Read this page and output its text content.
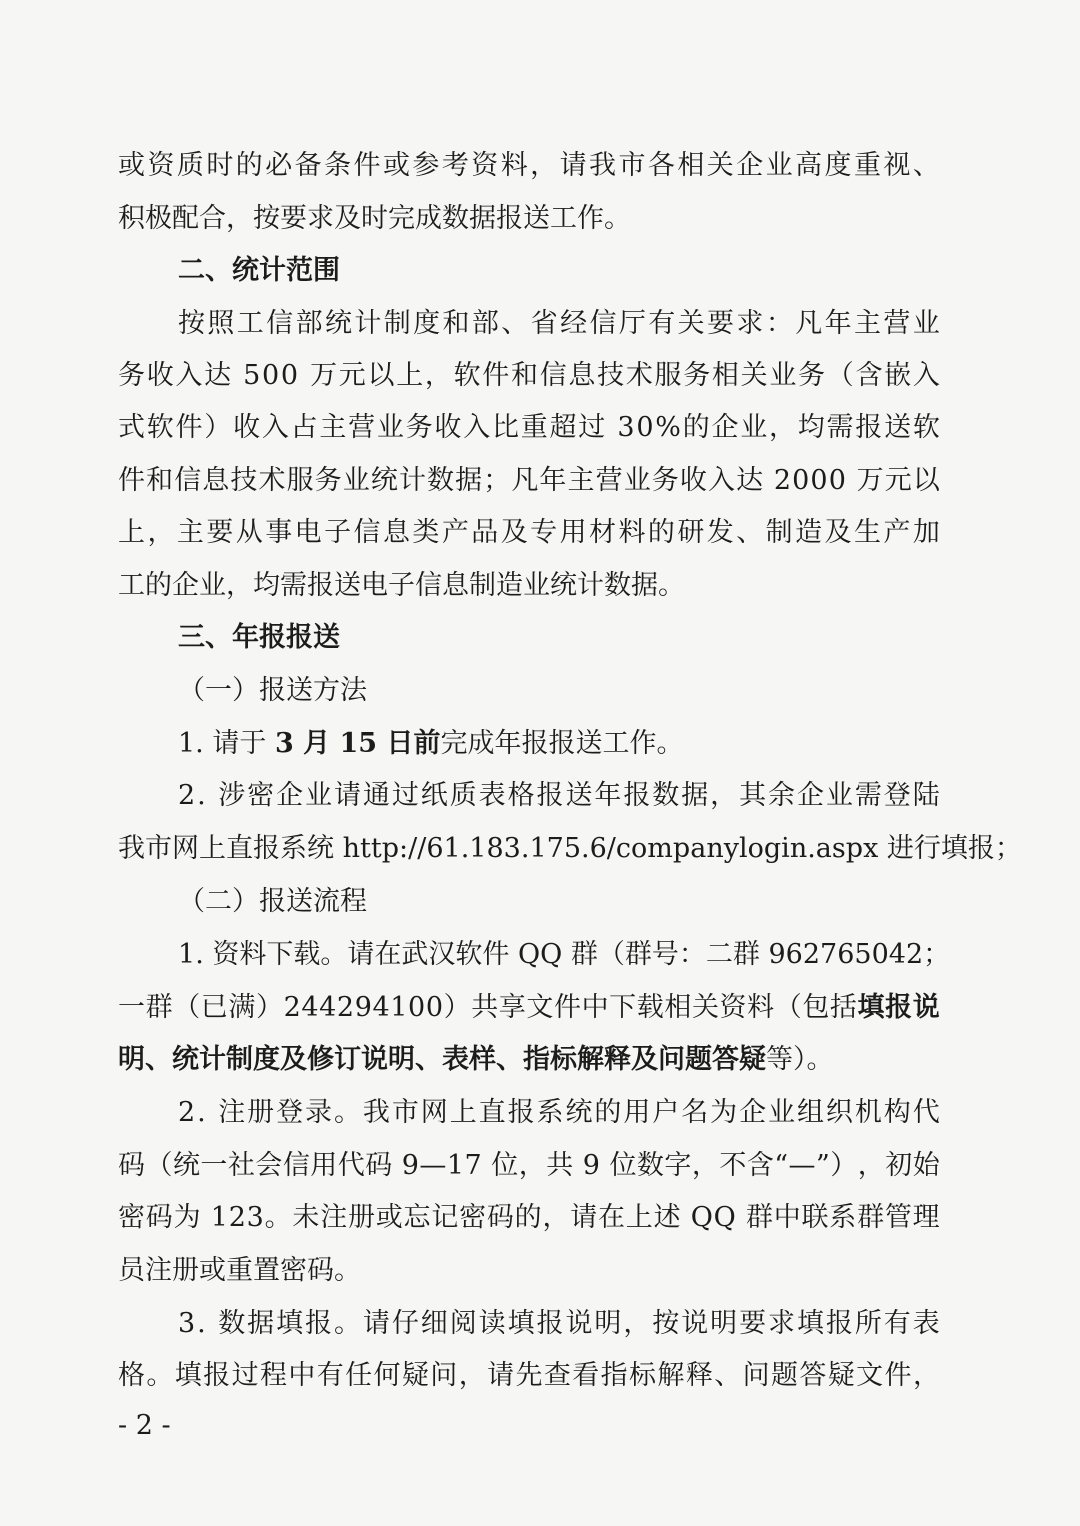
或 资 质 时 的 必 备 条 件 或 参 考 资 料 ， 请 我 市 各 相 关 企 业 高 度 重 视 、
积极配合，按要求及时完成数据报送工作。
二、统计范围
按 照 工 信 部 统 计 制 度 和 部 、 省 经 信 厅 有 关 要 求 ： 凡 年 主 营 业
务 收 入 达
5 0 0
万 元 以 上 ， 软 件 和 信 息 技 术 服 务 相 关 业 务 （ 含 嵌 入
式 软 件 ） 收 入 占 主 营 业 务 收 入 比 重 超 过
3 0 % 的 企 业 ， 均 需 报 送 软
件 和 信 息 技 术 服 务 业 统 计 数 据 ； 凡 年 主 营 业 务 收 入 达
2 0 0 0
万 元 以
上 ， 主 要 从 事 电 子 信 息 类 产 品 及 专 用 材 料 的 研 发 、 制 造 及 生 产 加
工的企业，均需报送电子信息制造业统计数据。
三、年报报送
（一）报送方法
1. 请于 3 月 15 日前 完成年报报送工作。
2 .
涉 密 企 业 请 通 过 纸 质 表 格 报 送 年 报 数 据 ， 其 余 企 业 需 登 陆
我 市 网 上 直 报 系 统
h t t p : / / 6 1 . 1 8 3 . 1 7 5 . 6 / c o m p a n y l o g i n . a s p x
进 行 填 报 ；
（二）报送流程
1 .
资 料 下 载 。 请 在 武 汉 软 件
Q Q
群 （ 群 号 ： 二 群
9 6 2 7 6 5 0 4 2 ；
一 群 （ 已 满 ） 2 4 4 2 9 4 1 0 0 ） 共 享 文 件 中 下 载 相 关 资 料 （ 包 括 填 报 说
明、统计制度及修订说明、表样、指标解释及问题答疑 等）。
2 .
注 册 登 录 。 我 市 网 上 直 报 系 统 的 用 户 名 为 企 业 组 织 机 构 代
码 （ 统 一 社 会 信 用 代 码
9 — 1 7
位 ， 共
9
位 数 字 ， 不 含 “ — ” ） ， 初 始
密 码 为
1 2 3 。 未 注 册 或 忘 记 密 码 的 ， 请 在 上 述
Q Q
群 中 联 系 群 管 理
员注册或重置密码。
3 .
数 据 填 报 。 请 仔 细 阅 读 填 报 说 明 ， 按 说 明 要 求 填 报 所 有 表
格 。 填 报 过 程 中 有 任 何 疑 问 ， 请 先 查 看 指 标 解 释 、 问 题 答 疑 文 件 ，
- 2 -
